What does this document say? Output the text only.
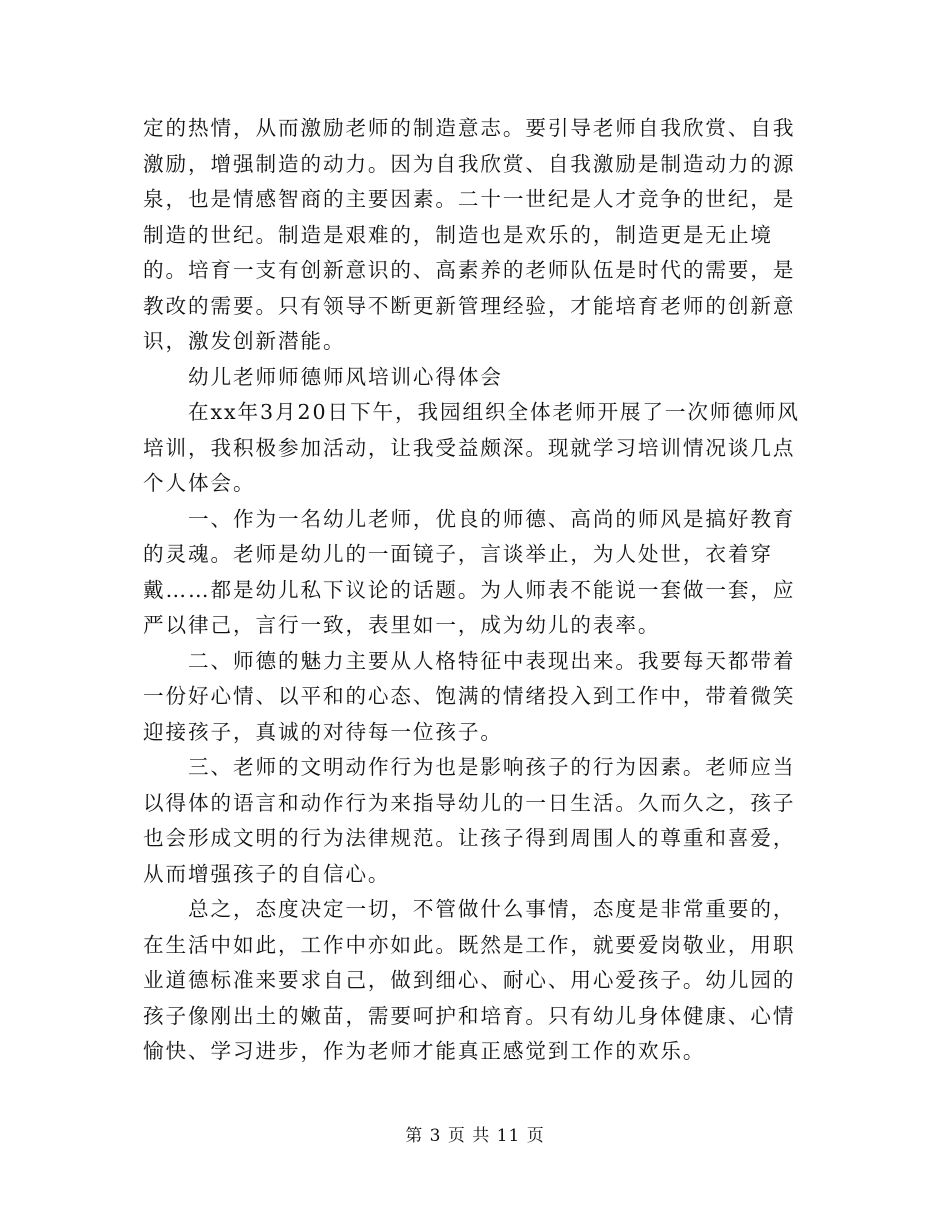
定的热情，从而激励老师的制造意志。要引导老师自我欣赏、自我激励，增强制造的动力。因为自我欣赏、自我激励是制造动力的源泉，也是情感智商的主要因素。二十一世纪是人才竞争的世纪，是制造的世纪。制造是艰难的，制造也是欢乐的，制造更是无止境的。培育一支有创新意识的、高素养的老师队伍是时代的需要，是教改的需要。只有领导不断更新管理经验，才能培育老师的创新意识，激发创新潜能。

幼儿老师师德师风培训心得体会

在xx年3月20日下午，我园组织全体老师开展了一次师德师风培训，我积极参加活动，让我受益颇深。现就学习培训情况谈几点个人体会。

一、作为一名幼儿老师，优良的师德、高尚的师风是搞好教育的灵魂。老师是幼儿的一面镜子，言谈举止，为人处世，衣着穿戴……都是幼儿私下议论的话题。为人师表不能说一套做一套，应严以律己，言行一致，表里如一，成为幼儿的表率。

二、师德的魅力主要从人格特征中表现出来。我要每天都带着一份好心情、以平和的心态、饱满的情绪投入到工作中，带着微笑迎接孩子，真诚的对待每一位孩子。

三、老师的文明动作行为也是影响孩子的行为因素。老师应当以得体的语言和动作行为来指导幼儿的一日生活。久而久之，孩子也会形成文明的行为法律规范。让孩子得到周围人的尊重和喜爱，从而增强孩子的自信心。

总之，态度决定一切，不管做什么事情，态度是非常重要的，在生活中如此，工作中亦如此。既然是工作，就要爱岗敬业，用职业道德标准来要求自己，做到细心、耐心、用心爱孩子。幼儿园的孩子像刚出土的嫩苗，需要呵护和培育。只有幼儿身体健康、心情愉快、学习进步，作为老师才能真正感觉到工作的欢乐。

第 3 页 共 11 页
